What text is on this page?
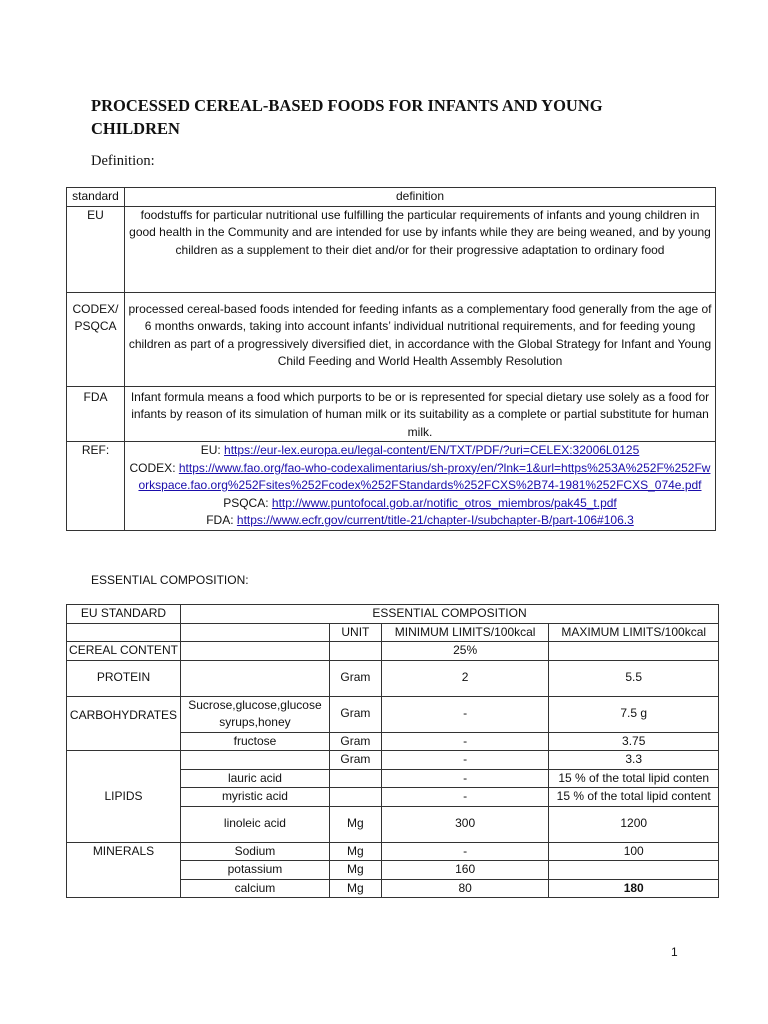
PROCESSED CEREAL-BASED FOODS FOR INFANTS AND YOUNG CHILDREN

Definition:

standard	definition
EU	foodstuffs for particular nutritional use fulfilling the particular requirements of infants and young children in good health in the Community and are intended for use by infants while they are being weaned, and by young children as a supplement to their diet and/or for their progressive adaptation to ordinary food
CODEX/ PSQCA	processed cereal-based foods intended for feeding infants as a complementary food generally from the age of 6 months onwards, taking into account infants’ individual nutritional requirements, and for feeding young children as part of a progressively diversified diet, in accordance with the Global Strategy for Infant and Young Child Feeding and World Health Assembly Resolution
FDA	Infant formula means a food which purports to be or is represented for special dietary use solely as a food for infants by reason of its simulation of human milk or its suitability as a complete or partial substitute for human milk.
REF:	EU: https://eur-lex.europa.eu/legal-content/EN/TXT/PDF/?uri=CELEX:32006L0125
CODEX: https://www.fao.org/fao-who-codexalimentarius/sh-proxy/en/?lnk=1&url=https%253A%252F%252Fworkspace.fao.org%252Fsites%252Fcodex%252FStandards%252FCXS%2B74-1981%252FCXS_074e.pdf
PSQCA: http://www.puntofocal.gob.ar/notific_otros_miembros/pak45_t.pdf
FDA: https://www.ecfr.gov/current/title-21/chapter-I/subchapter-B/part-106#106.3

ESSENTIAL COMPOSITION:

EU STANDARD	ESSENTIAL COMPOSITION			
		UNIT	MINIMUM LIMITS/100kcal	MAXIMUM LIMITS/100kcal
CEREAL CONTENT			25%	
PROTEIN		Gram	2	5.5
CARBOHYDRATES	Sucrose,glucose,glucose syrups,honey	Gram	-	7.5 g
	fructose	Gram	-	3.75
LIPIDS		Gram	-	3.3
	lauric acid		-	15 % of the total lipid conten
	myristic acid		-	15 % of the total lipid content
	linoleic acid	Mg	300	1200
MINERALS	Sodium	Mg	-	100
	potassium	Mg	160	
	calcium	Mg	80	180
1
